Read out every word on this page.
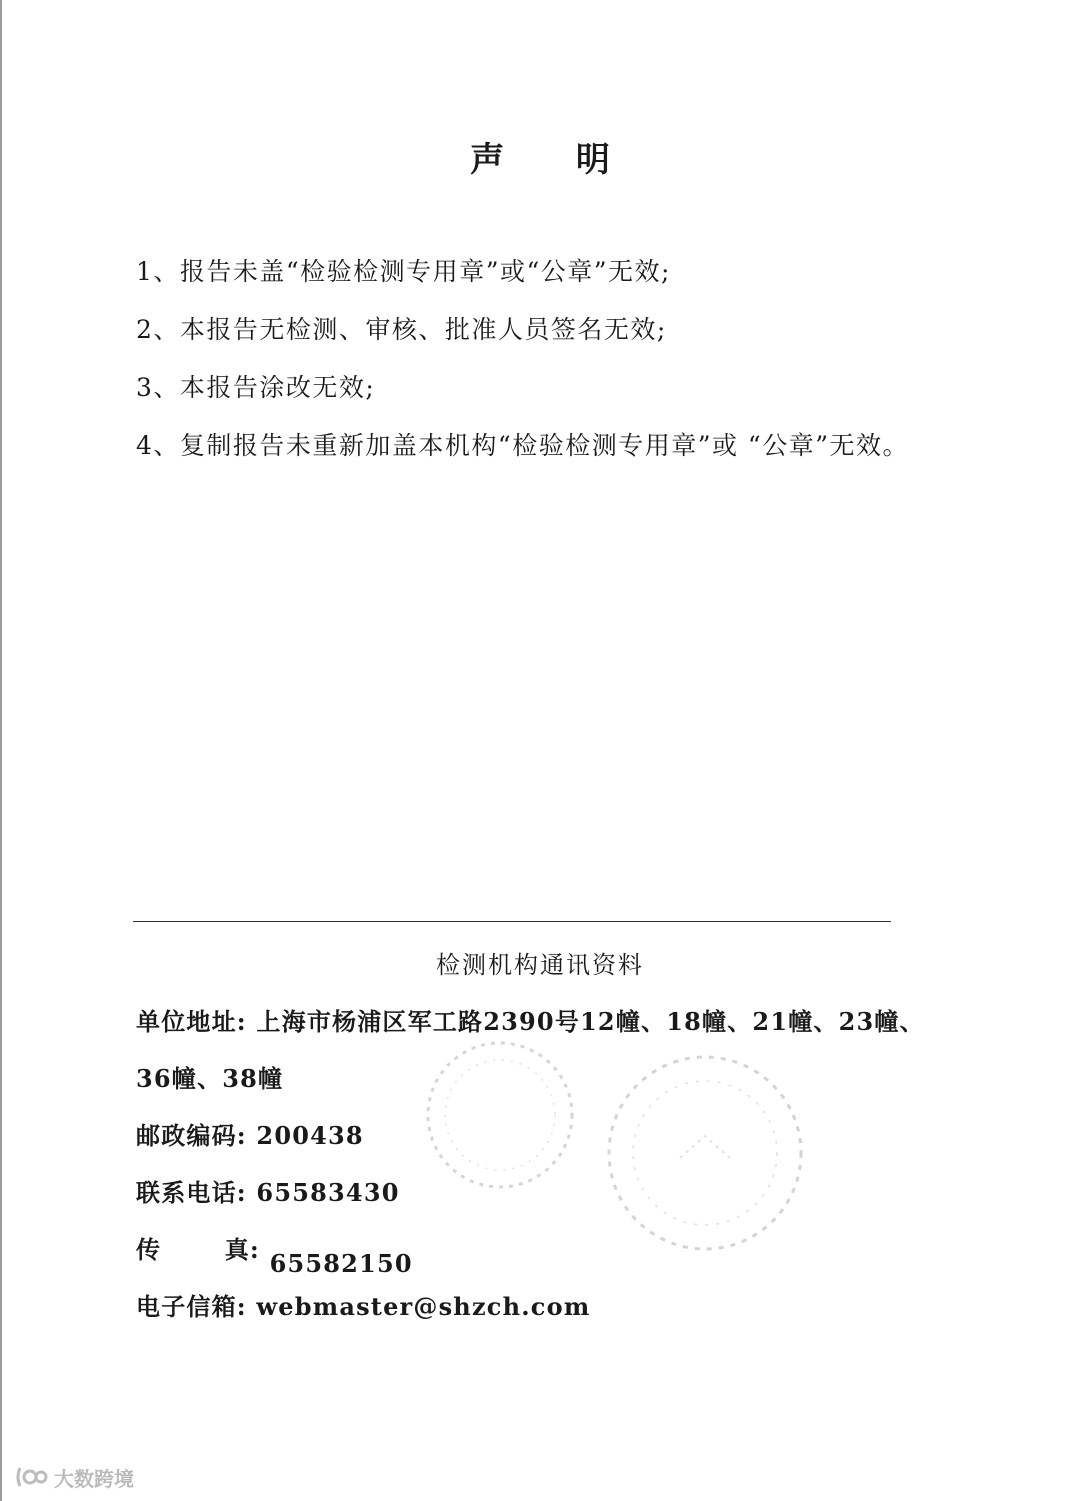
声 明
1、报告未盖“检验检测专用章”或“公章”无效;
2、本报告无检测、审核、批准人员签名无效;
3、本报告涂改无效;
4、复制报告未重新加盖本机构“检验检测专用章”或 “公章”无效。
检测机构通讯资料
单位地址: 上海市杨浦区军工路2390号12幢、18幢、21幢、23幢、
36幢、38幢
邮政编码: 200438
联系电话: 65583430
传	真: 65582150
电子信箱: webmaster@shzch.com
大数跨境
